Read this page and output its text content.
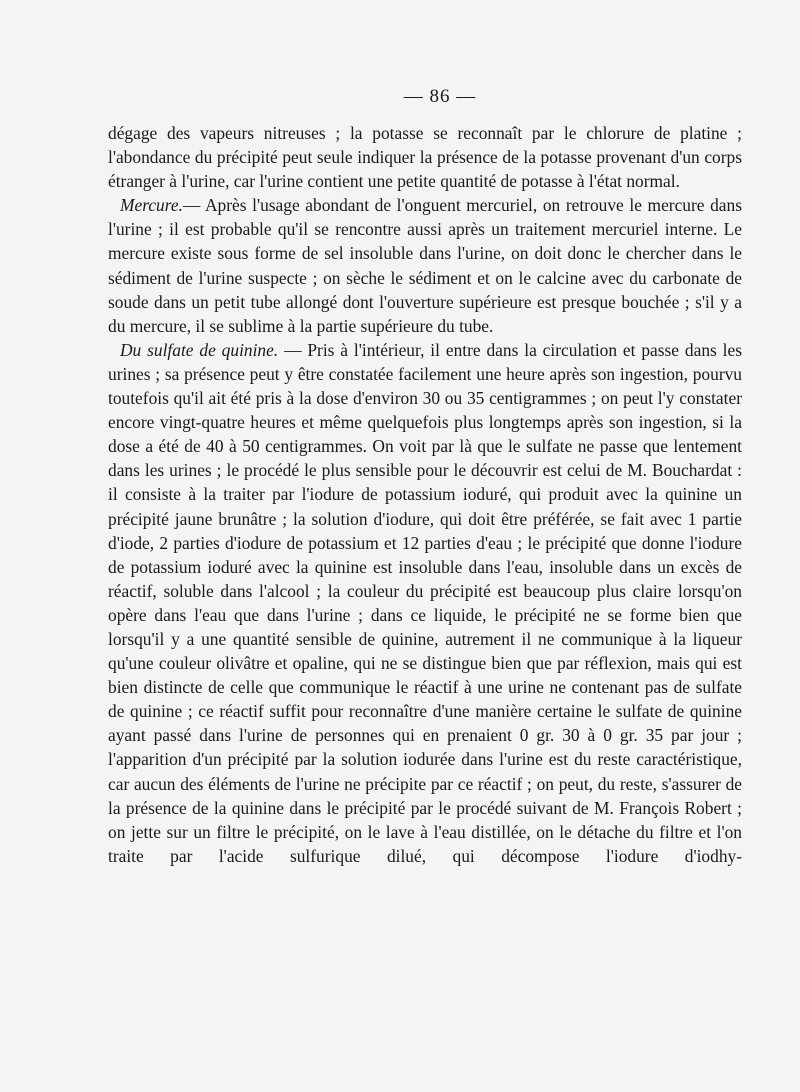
— 86 —

dégage des vapeurs nitreuses ; la potasse se reconnaît par le chlorure de platine ; l'abondance du précipité peut seule indiquer la présence de la potasse provenant d'un corps étranger à l'urine, car l'urine contient une petite quantité de potasse à l'état normal.

Mercure.— Après l'usage abondant de l'onguent mercuriel, on retrouve le mercure dans l'urine ; il est probable qu'il se rencontre aussi après un traitement mercuriel interne. Le mercure existe sous forme de sel insoluble dans l'urine, on doit donc le chercher dans le sédiment de l'urine suspecte ; on sèche le sédiment et on le calcine avec du carbonate de soude dans un petit tube allongé dont l'ouverture supérieure est presque bouchée ; s'il y a du mercure, il se sublime à la partie supérieure du tube.

Du sulfate de quinine. — Pris à l'intérieur, il entre dans la circulation et passe dans les urines ; sa présence peut y être constatée facilement une heure après son ingestion, pourvu toutefois qu'il ait été pris à la dose d'environ 30 ou 35 centigrammes ; on peut l'y constater encore vingt-quatre heures et même quelquefois plus longtemps après son ingestion, si la dose a été de 40 à 50 centigrammes. On voit par là que le sulfate ne passe que lentement dans les urines ; le procédé le plus sensible pour le découvrir est celui de M. Bouchardat : il consiste à la traiter par l'iodure de potassium ioduré, qui produit avec la quinine un précipité jaune brunâtre ; la solution d'iodure, qui doit être préférée, se fait avec 1 partie d'iode, 2 parties d'iodure de potassium et 12 parties d'eau ; le précipité que donne l'iodure de potassium ioduré avec la quinine est insoluble dans l'eau, insoluble dans un excès de réactif, soluble dans l'alcool ; la couleur du précipité est beaucoup plus claire lorsqu'on opère dans l'eau que dans l'urine ; dans ce liquide, le précipité ne se forme bien que lorsqu'il y a une quantité sensible de quinine, autrement il ne communique à la liqueur qu'une couleur olivâtre et opaline, qui ne se distingue bien que par réflexion, mais qui est bien distincte de celle que communique le réactif à une urine ne contenant pas de sulfate de quinine ; ce réactif suffit pour reconnaître d'une manière certaine le sulfate de quinine ayant passé dans l'urine de personnes qui en prenaient 0 gr. 30 à 0 gr. 35 par jour ; l'apparition d'un précipité par la solution iodurée dans l'urine est du reste caractéristique, car aucun des éléments de l'urine ne précipite par ce réactif ; on peut, du reste, s'assurer de la présence de la quinine dans le précipité par le procédé suivant de M. François Robert ; on jette sur un filtre le précipité, on le lave à l'eau distillée, on le détache du filtre et l'on traite par l'acide sulfurique dilué, qui décompose l'iodure d'iodhy-
